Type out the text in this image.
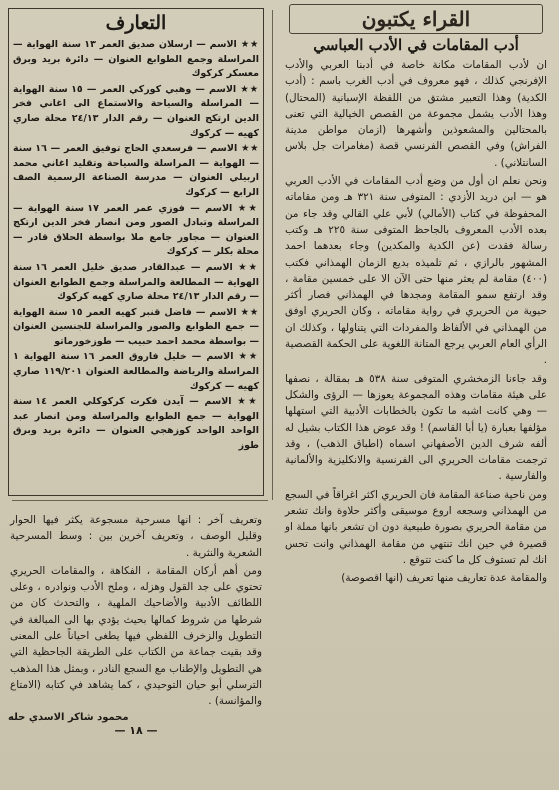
القراء يكتبون
أدب المقامات في الأدب العباسي

ان لأدب المقامات مكانة خاصة في أدبنا العربي والأدب الإفرنجي كذلك ، فهو معروف في أدب الغرب باسم : (أدب الكدية) وهذا التعبير مشتق من اللفظة الإسبانية (المحتال) وهذا الأدب يشمل مجموعة من القصص الخيالية التي تعنى بالمحتالين والمشعوذين وأشهرها (ازمان مواطن مدينة الفراش) وفي القصص الفرنسي قصة (مغامرات جل بلاس السانتلاني) .

ونحن نعلم ان أول من وضع أدب المقامات في الأدب العربي هو — ابن دريد الأزدي : المتوفى سنة ٣٢١ هـ ومن مقاماته المحفوظة في كتاب (الأمالي) لأبي علي القالي وقد جاء من بعده الأدب المعروف بالجاحظ المتوفى سنة ٢٢٥ هـ وكتب رسالة فقدت (عن الكدية والمكدين) وجاء بعدهما احمد المشهور بالرازي ، ثم تلميذه بديع الزمان الهمذاني فكتب (٤٠٠) مقامة لم يعثر منها حتى الآن الا على خمسين مقامة ، وقد ارتفع سمو المقامة ومجدها في الهمذاني فصار أكثر حيوية من الحريري في رواية مقاماته ، وكان الحريري اوفق من الهمذاني في الألفاظ والمفردات التي يتناولها ، وكذلك ان الرأي العام العربي يرجع المتانة اللغوية على الحكمة القصصية .

وقد جاءنا الزمخشري المتوفى سنة ٥٣٨ هـ بمقالة ، نصفها على هيئة مقامات وهذه المجموعة يعوزها — الرؤى والشكل — وهي كانت اشبه ما تكون بالخطابات الأدبية التي استهلها مؤلفها بعبارة (يا أبا القاسم) ! وقد عوض هذا الكتاب بشيل له ألفه شرف الدين الأصفهاني اسماه (اطباق الذهب) ، وقد ترجمت مقامات الحريري الى الفرنسية والانكليزية والألمانية والفارسية .

ومن ناحية صناعة المقامة فان الحريري اكثر اغراقاً في السجع من الهمذاني وسجعه اروع موسيقى وأكثر حلاوة وانك تشعر من مقامة الحريري بصورة طبيعية دون ان تشعر بانها مملة او قصيرة في حين انك تنتهي من مقامة الهمذاني وانت تحس انك لم تستوف كل ما كنت تتوقع .

والمقامة عدة تعاريف منها تعريف (انها اقصوصة)

التعارف
★★ الاسم — ارسلان صديق العمر ١٣ سنة الهواية — المراسلة وجمع الطوابع العنوان — دائرة بريد وبرق معسكر كركوك
★★ الاسم — وهبي كوركي العمر — ١٥ سنة الهواية — المراسلة والسياحة والاستماع الى اغاني فخر الدين ارتكج العنوان — رقم الدار ٢٤/١٣ محلة صاري كهيه — كركوك
★★ الاسم — فرسعدي الحاج توفيق العمر — ١٦ سنة — الهواية — المراسلة والسياحة وتقليد اغاني محمد اربيلي العنوان — مدرسة الصناعة الرسمية الصف الرابع — كركوك
★★ الاسم — فوزي عمر العمر ١٧ سنة الهواية — المراسلة وتبادل الصور ومن انصار فخر الدين ارتكج العنوان — مجاور جامع ملا بواسطة الحلاق قادر — محلة بكلر — كركوك
★★ الاسم — عبدالقادر صديق خليل العمر ١٦ سنة الهواية — المطالعة والمراسلة وجمع الطوابع العنوان — رقم الدار ٢٤/١٣ محلة صاري كهيه كركوك
★★ الاسم — فاضل قنبر كهيه العمر ١٥ سنة الهواية — جمع الطوابع والصور والمراسلة للجنسين العنوان — بواسطة محمد احمد حبيب — طوزخورماتو
★★ الاسم — خليل فاروق العمر ١٦ سنة الهواية ١ المراسلة والرياضة والمطالعة العنوان ١١٩/٢٠١ صاري كهيه — كركوك
★★ الاسم — آيدن فكرت كركوكلي العمر ١٤ سنة الهواية — جمع الطوابع والمراسلة ومن انصار عبد الواحد الواحد كوزهجي العنوان — دائرة بريد وبرق طوز

وتعريف آخر : انها مسرحية مسجوعة يكثر فيها الحوار وقليل الوصف ، وتعريف آخرين بين : وسط المسرحية الشعرية والنثرية .

ومن أهم أركان المقامة ، الفكاهة ، والمقامات الحريري تحتوي على جد القول وهزله ، وملح الأدب ونوادره ، وعلى اللطائف الأدبية والأضاحيك الملهية ، والتحدث كان من شرطها من شروط كمالها بحيث يؤدي بها الى المبالغة في التطويل والزخرف اللفظي فيها يطغى احياناً على المعنى وقد بقيت جماعة من الكتاب على الطريقة الجاحظية التي هي التطويل والإطناب مع السجع النادر ، وبمثل هذا المذهب الترسلي أبو حيان التوحيدي ، كما يشاهد في كتابه (الامتاع والمؤانسة) .

محمود شاكر الاسدي حله
— ١٨ —
